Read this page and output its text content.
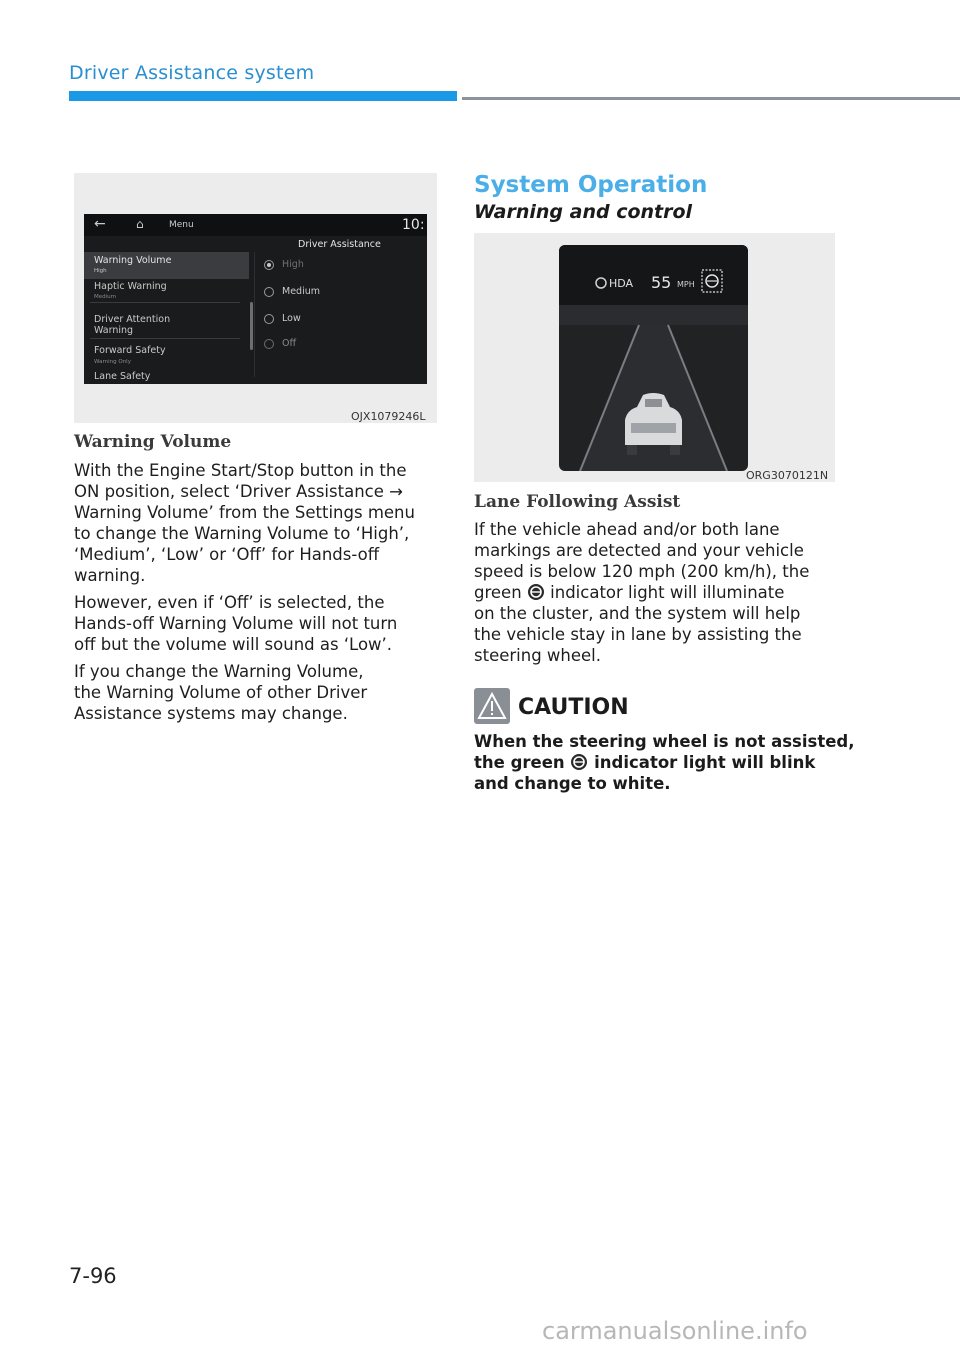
Driver Assistance system
←	⌂	Menu	10:
Driver Assistance
Warning Volume
High
Haptic Warning
Medium
Driver Attention
Warning
Forward Safety
Warning Only
Lane Safety
High
Medium
Low
Off
OJX1079246L
Warning Volume
With the Engine Start/Stop button in the
ON position, select ‘Driver Assistance →
Warning Volume’ from the Settings menu
to change the Warning Volume to ‘High’,
‘Medium’, ‘Low’ or ‘Off’ for Hands-off
warning.
However, even if ‘Off’ is selected, the
Hands-off Warning Volume will not turn
off but the volume will sound as ‘Low’.
If you change the Warning Volume,
the Warning Volume of other Driver
Assistance systems may change.
System Operation
Warning and control
HDA 55 MPH
ORG3070121N
Lane Following Assist
If the vehicle ahead and/or both lane
markings are detected and your vehicle
speed is below 120 mph (200 km/h), the
green indicator light will illuminate
on the cluster, and the system will help
the vehicle stay in lane by assisting the
steering wheel.
CAUTION
When the steering wheel is not assisted,
the green indicator light will blink
and change to white.
7-96
carmanualsonline.info
